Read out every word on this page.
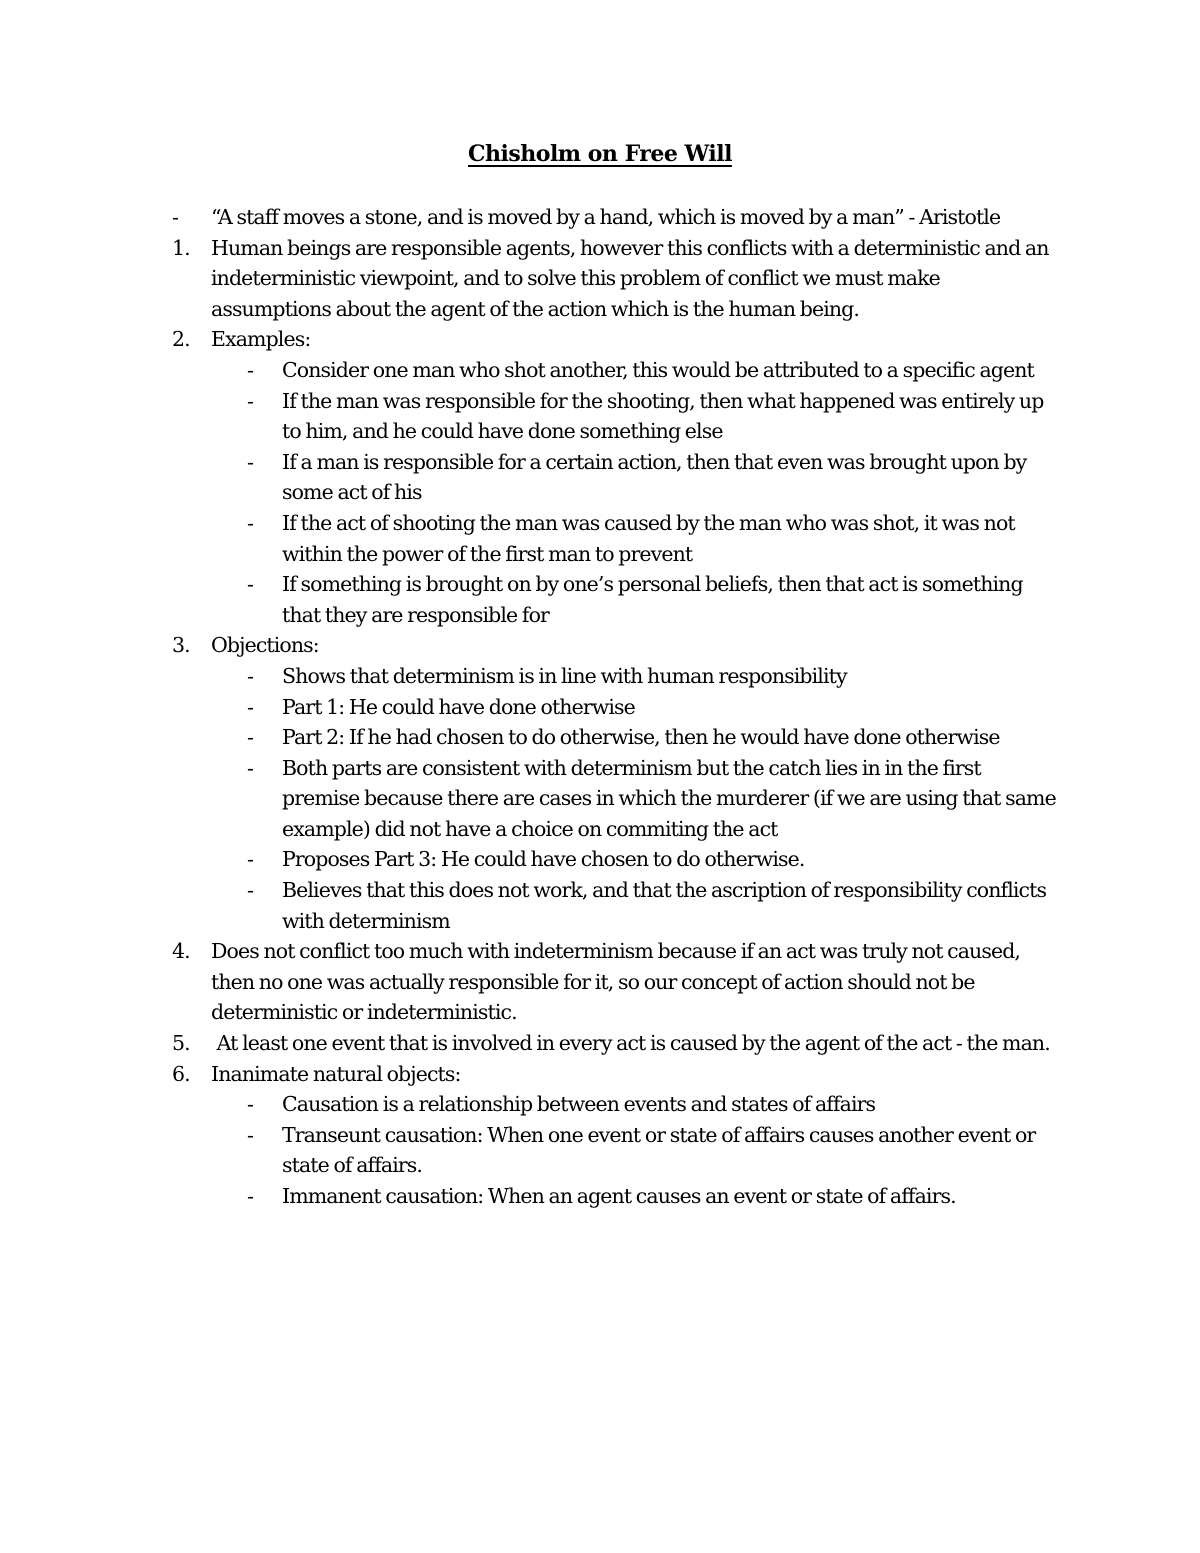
Chisholm on Free Will
-	“A staff moves a stone, and is moved by a hand, which is moved by a man” - Aristotle
1.	Human beings are responsible agents, however this conflicts with a deterministic and an indeterministic viewpoint, and to solve this problem of conflict we must make assumptions about the agent of the action which is the human being.
2.	Examples:
-	Consider one man who shot another, this would be attributed to a specific agent
-	If the man was responsible for the shooting, then what happened was entirely up to him, and he could have done something else
-	If a man is responsible for a certain action, then that even was brought upon by some act of his
-	If the act of shooting the man was caused by the man who was shot, it was not within the power of the first man to prevent
-	If something is brought on by one’s personal beliefs, then that act is something that they are responsible for
3.	Objections:
-	Shows that determinism is in line with human responsibility
-	Part 1: He could have done otherwise
-	Part 2: If he had chosen to do otherwise, then he would have done otherwise
-	Both parts are consistent with determinism but the catch lies in in the first premise because there are cases in which the murderer (if we are using that same example) did not have a choice on commiting the act
-	Proposes Part 3: He could have chosen to do otherwise.
-	Believes that this does not work, and that the ascription of responsibility conflicts with determinism
4.	Does not conflict too much with indeterminism because if an act was truly not caused, then no one was actually responsible for it, so our concept of action should not be deterministic or indeterministic.
5.	At least one event that is involved in every act is caused by the agent of the act - the man.
6.	Inanimate natural objects:
-	Causation is a relationship between events and states of affairs
-	Transeunt causation: When one event or state of affairs causes another event or state of affairs.
-	Immanent causation: When an agent causes an event or state of affairs.
